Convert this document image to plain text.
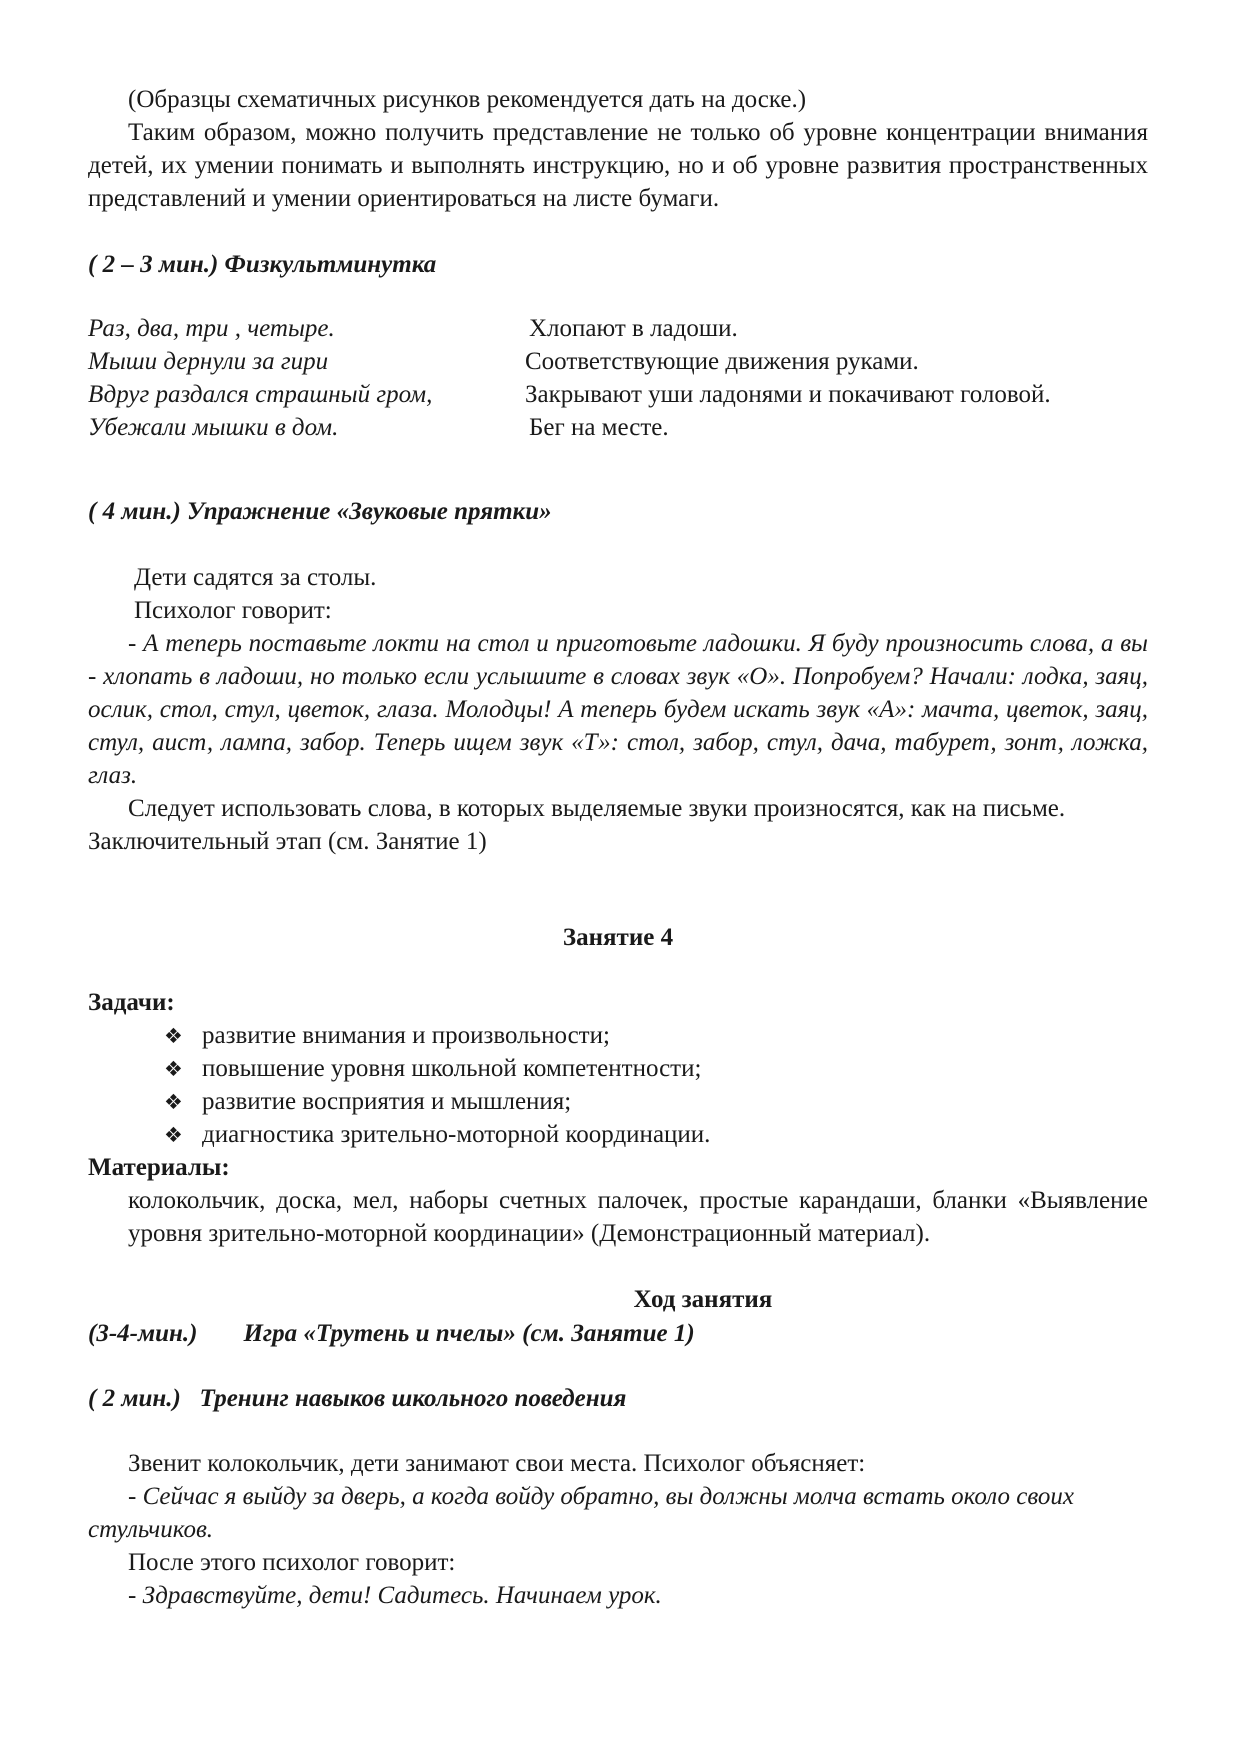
(Образцы схематичных рисунков рекомендуется дать на доске.)

Таким образом, можно получить представление не только об уровне концентрации внимания детей, их умении понимать и выполнять инструкцию, но и об уровне развития пространственных представлений и умении ориентироваться на листе бумаги.

( 2 – 3 мин.) Физкультминутка
Раз, два, три , четыре.	Хлопают в ладоши.
Мыши дернули за гири	Соответствующие движения руками.
Вдруг раздался страшный гром,	Закрывают уши ладонями и покачивают головой.
Убежали мышки в дом.	Бег на месте.
( 4 мин.) Упражнение «Звуковые прятки»

Дети садятся за столы.

Психолог говорит:

- А теперь поставьте локти на стол и приготовьте ладошки. Я буду произносить слова, а вы - хлопать в ладоши, но только если услышите в словах звук «О». Попробуем? Начали: лодка, заяц, ослик, стол, стул, цветок, глаза. Молодцы! А теперь будем искать звук «А»: мачта, цветок, заяц, стул, аист, лампа, забор. Теперь ищем звук «Т»: стол, забор, стул, дача, табурет, зонт, ложка, глаз.

Следует использовать слова, в которых выделяемые звуки произносятся, как на письме.

Заключительный этап (см. Занятие 1)

Занятие 4

Задачи:

❖ развитие внимания и произвольности;
❖ повышение уровня школьной компетентности;
❖ развитие восприятия и мышления;
❖ диагностика зрительно-моторной координации.

Материалы:

колокольчик, доска, мел, наборы счетных палочек, простые карандаши, бланки «Выявление уровня зрительно-моторной координации» (Демонстрационный материал).

Ход занятия
(3-4-мин.) Игра «Трутень и пчелы» (см. Занятие 1)
( 2 мин.)   Тренинг навыков школьного поведения

Звенит колокольчик, дети занимают свои места. Психолог объясняет:

- Сейчас я выйду за дверь, а когда войду обратно, вы должны молча встать около своих стульчиков.

После этого психолог говорит:

- Здравствуйте, дети! Садитесь. Начинаем урок.
